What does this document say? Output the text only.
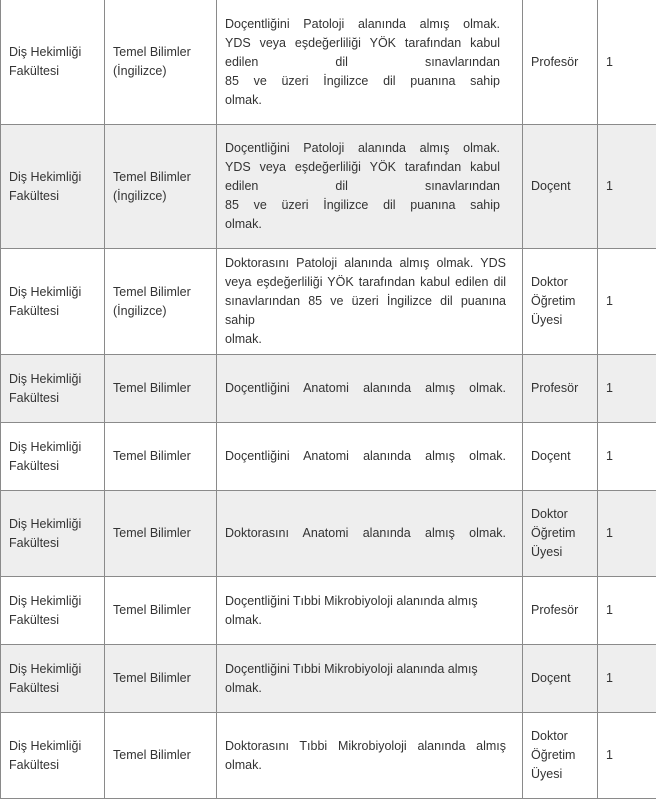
Diş Hekimliği Fakültesi	Temel Bilimler (İngilizce)	Doçentliğini Patoloji alanında almış olmak.
YDS veya eşdeğerliliği YÖK tarafından kabul
edilen dil sınavlarından
85 ve üzeri İngilizce dil puanına sahip
olmak.	Profesör	1
Diş Hekimliği Fakültesi	Temel Bilimler (İngilizce)	Doçentliğini Patoloji alanında almış olmak.
YDS veya eşdeğerliliği YÖK tarafından kabul
edilen dil sınavlarından
85 ve üzeri İngilizce dil puanına sahip
olmak.	Doçent	1
Diş Hekimliği Fakültesi	Temel Bilimler (İngilizce)	Doktorasını Patoloji alanında almış olmak. YDS
veya eşdeğerliliği YÖK tarafından kabul edilen dil
sınavlarından 85 ve üzeri İngilizce dil puanına sahip
olmak.	Doktor Öğretim Üyesi	1
Diş Hekimliği Fakültesi	Temel Bilimler	Doçentliğini Anatomi alanında almış olmak.	Profesör	1
Diş Hekimliği Fakültesi	Temel Bilimler	Doçentliğini Anatomi alanında almış olmak.	Doçent	1
Diş Hekimliği Fakültesi	Temel Bilimler	Doktorasını Anatomi alanında almış olmak.	Doktor Öğretim Üyesi	1
Diş Hekimliği Fakültesi	Temel Bilimler	Doçentliğini Tıbbi Mikrobiyoloji alanında almış
olmak.	Profesör	1
Diş Hekimliği Fakültesi	Temel Bilimler	Doçentliğini Tıbbi Mikrobiyoloji alanında almış
olmak.	Doçent	1
Diş Hekimliği Fakültesi	Temel Bilimler	Doktorasını Tıbbi Mikrobiyoloji alanında almış
olmak.	Doktor Öğretim Üyesi	1
